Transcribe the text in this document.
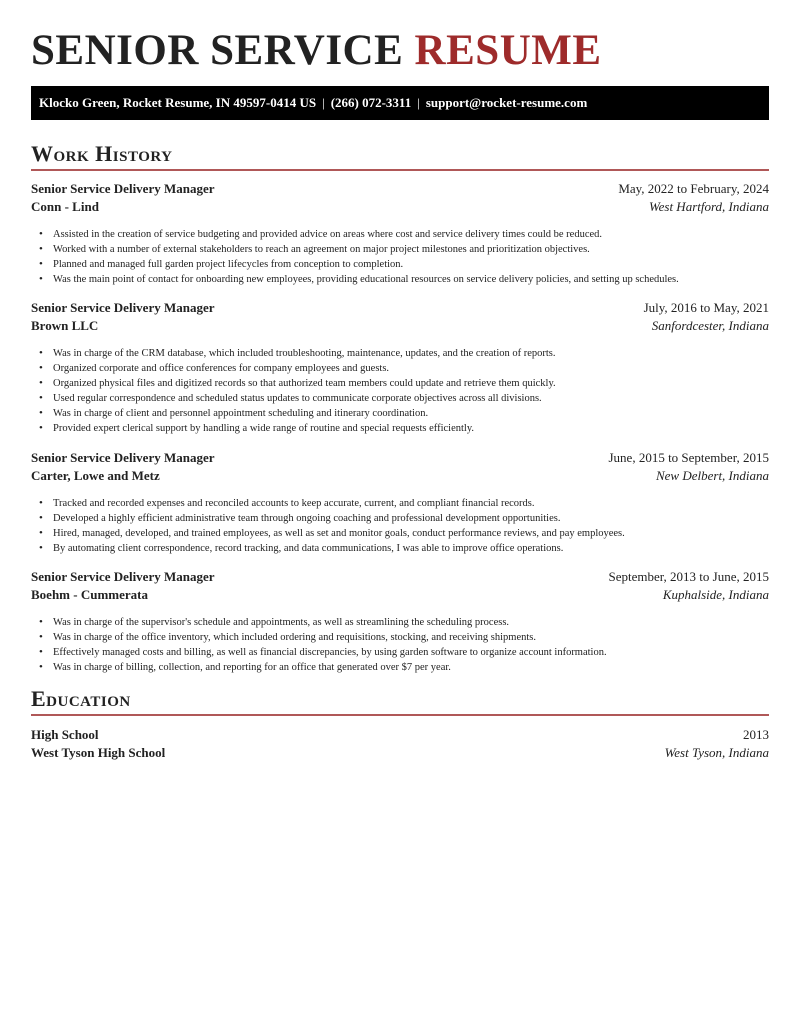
SENIOR SERVICE RESUME
Klocko Green, Rocket Resume, IN 49597-0414 US | (266) 072-3311 | support@rocket-resume.com
Work History
Senior Service Delivery Manager	May, 2022 to February, 2024
Conn - Lind	West Hartford, Indiana
• Assisted in the creation of service budgeting and provided advice on areas where cost and service delivery times could be reduced.
• Worked with a number of external stakeholders to reach an agreement on major project milestones and prioritization objectives.
• Planned and managed full garden project lifecycles from conception to completion.
• Was the main point of contact for onboarding new employees, providing educational resources on service delivery policies, and setting up schedules.
Senior Service Delivery Manager	July, 2016 to May, 2021
Brown LLC	Sanfordcester, Indiana
• Was in charge of the CRM database, which included troubleshooting, maintenance, updates, and the creation of reports.
• Organized corporate and office conferences for company employees and guests.
• Organized physical files and digitized records so that authorized team members could update and retrieve them quickly.
• Used regular correspondence and scheduled status updates to communicate corporate objectives across all divisions.
• Was in charge of client and personnel appointment scheduling and itinerary coordination.
• Provided expert clerical support by handling a wide range of routine and special requests efficiently.
Senior Service Delivery Manager	June, 2015 to September, 2015
Carter, Lowe and Metz	New Delbert, Indiana
• Tracked and recorded expenses and reconciled accounts to keep accurate, current, and compliant financial records.
• Developed a highly efficient administrative team through ongoing coaching and professional development opportunities.
• Hired, managed, developed, and trained employees, as well as set and monitor goals, conduct performance reviews, and pay employees.
• By automating client correspondence, record tracking, and data communications, I was able to improve office operations.
Senior Service Delivery Manager	September, 2013 to June, 2015
Boehm - Cummerata	Kuphalside, Indiana
• Was in charge of the supervisor's schedule and appointments, as well as streamlining the scheduling process.
• Was in charge of the office inventory, which included ordering and requisitions, stocking, and receiving shipments.
• Effectively managed costs and billing, as well as financial discrepancies, by using garden software to organize account information.
• Was in charge of billing, collection, and reporting for an office that generated over $7 per year.
Education
High School	2013
West Tyson High School	West Tyson, Indiana
